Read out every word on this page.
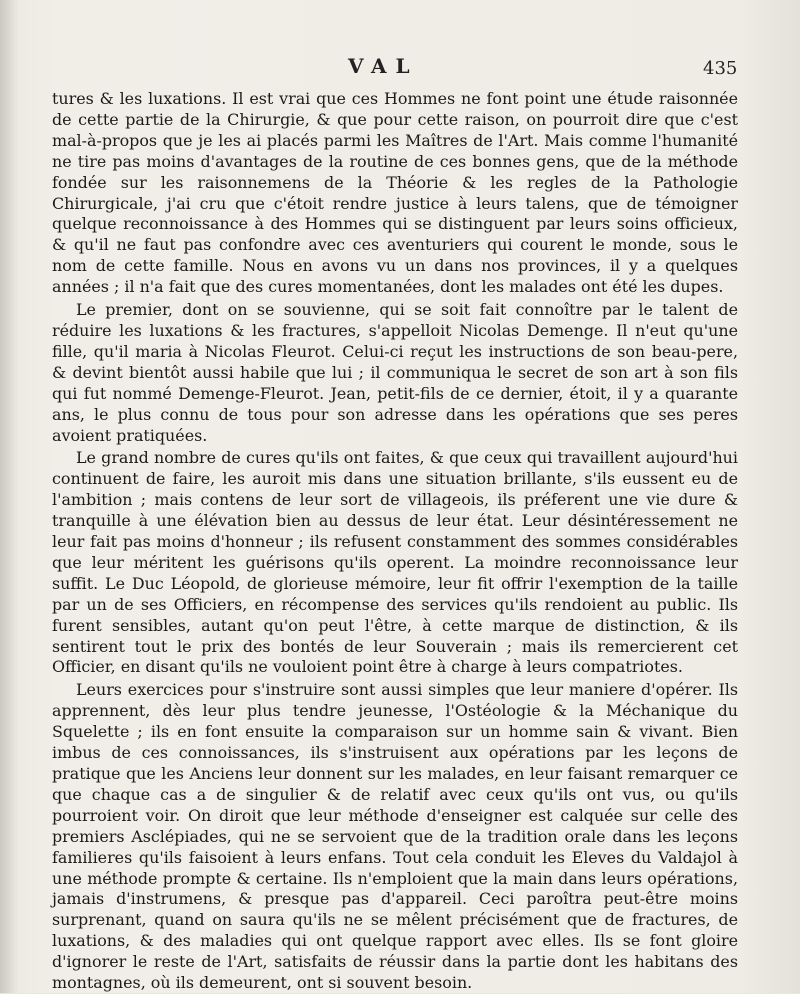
VAL	435

tures & les luxations. Il est vrai que ces Hommes ne font point une étude raisonnée de cette partie de la Chirurgie, & que pour cette raison, on pourroit dire que c'est mal-à-propos que je les ai placés parmi les Maîtres de l'Art. Mais comme l'humanité ne tire pas moins d'avantages de la routine de ces bonnes gens, que de la méthode fondée sur les raisonnemens de la Théorie & les regles de la Pathologie Chirurgicale, j'ai cru que c'étoit rendre justice à leurs talens, que de témoigner quelque reconnoissance à des Hommes qui se distinguent par leurs soins officieux, & qu'il ne faut pas confondre avec ces aventuriers qui courent le monde, sous le nom de cette famille. Nous en avons vu un dans nos provinces, il y a quelques années ; il n'a fait que des cures momentanées, dont les malades ont été les dupes.

Le premier, dont on se souvienne, qui se soit fait connoître par le talent de réduire les luxations & les fractures, s'appelloit Nicolas Demenge. Il n'eut qu'une fille, qu'il maria à Nicolas Fleurot. Celui-ci reçut les instructions de son beau-pere, & devint bientôt aussi habile que lui ; il communiqua le secret de son art à son fils qui fut nommé Demenge-Fleurot. Jean, petit-fils de ce dernier, étoit, il y a quarante ans, le plus connu de tous pour son adresse dans les opérations que ses peres avoient pratiquées.

Le grand nombre de cures qu'ils ont faites, & que ceux qui travaillent aujourd'hui continuent de faire, les auroit mis dans une situation brillante, s'ils eussent eu de l'ambition ; mais contens de leur sort de villageois, ils préferent une vie dure & tranquille à une élévation bien au dessus de leur état. Leur désintéressement ne leur fait pas moins d'honneur ; ils refusent constamment des sommes considérables que leur méritent les guérisons qu'ils operent. La moindre reconnoissance leur suffit. Le Duc Léopold, de glorieuse mémoire, leur fit offrir l'exemption de la taille par un de ses Officiers, en récompense des services qu'ils rendoient au public. Ils furent sensibles, autant qu'on peut l'être, à cette marque de distinction, & ils sentirent tout le prix des bontés de leur Souverain ; mais ils remercierent cet Officier, en disant qu'ils ne vouloient point être à charge à leurs compatriotes.

Leurs exercices pour s'instruire sont aussi simples que leur maniere d'opérer. Ils apprennent, dès leur plus tendre jeunesse, l'Ostéologie & la Méchanique du Squelette ; ils en font ensuite la comparaison sur un homme sain & vivant. Bien imbus de ces connoissances, ils s'instruisent aux opérations par les leçons de pratique que les Anciens leur donnent sur les malades, en leur faisant remarquer ce que chaque cas a de singulier & de relatif avec ceux qu'ils ont vus, ou qu'ils pourroient voir. On diroit que leur méthode d'enseigner est calquée sur celle des premiers Asclépiades, qui ne se servoient que de la tradition orale dans les leçons familieres qu'ils faisoient à leurs enfans. Tout cela conduit les Eleves du Valdajol à une méthode prompte & certaine. Ils n'emploient que la main dans leurs opérations, jamais d'instrumens, & presque pas d'appareil. Ceci paroîtra peut-être moins surprenant, quand on saura qu'ils ne se mêlent précisément que de fractures, de luxations, & des maladies qui ont quelque rapport avec elles. Ils se font gloire d'ignorer le reste de l'Art, satisfaits de réussir dans la partie dont les habitans des montagnes, où ils demeurent, ont si souvent besoin.
